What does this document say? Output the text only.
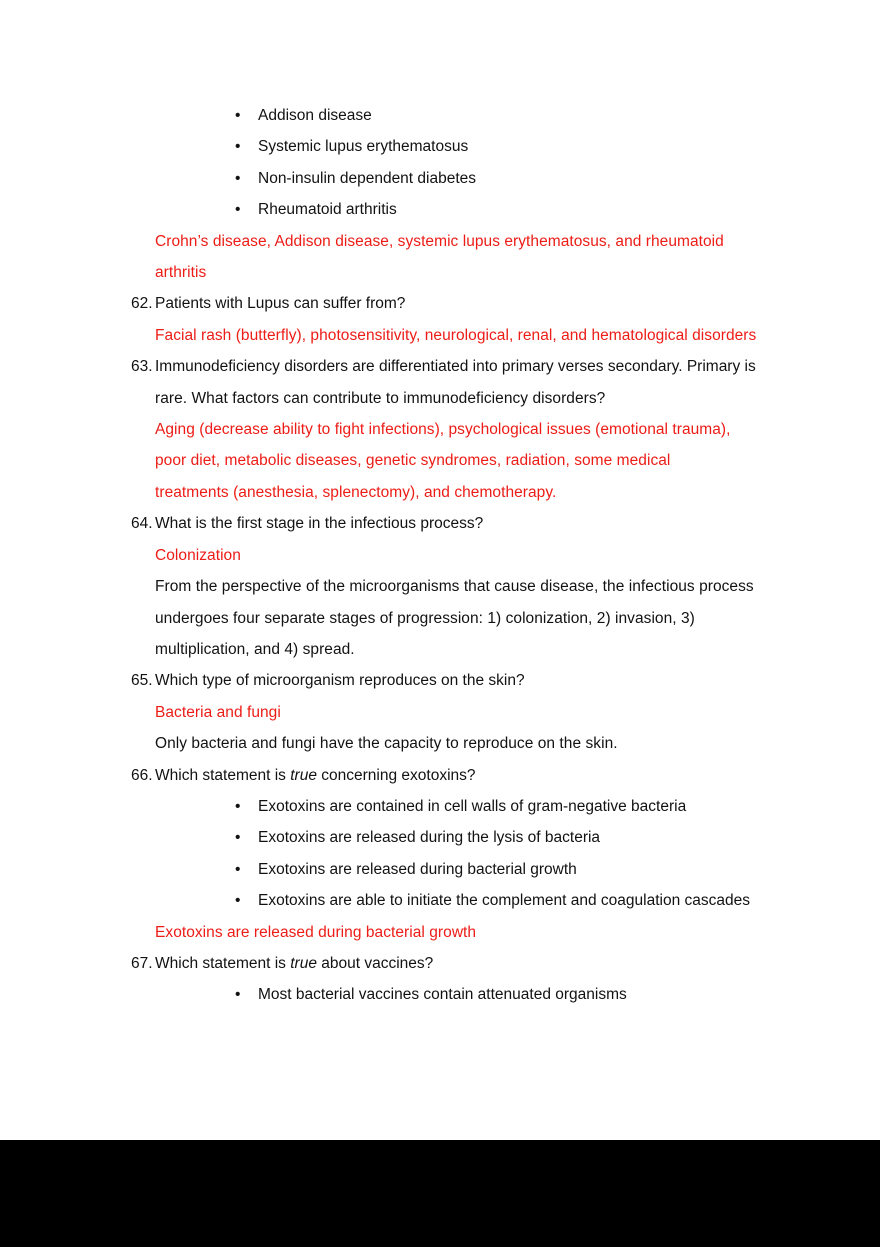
•	Addison disease
•	Systemic lupus erythematosus
•	Non-insulin dependent diabetes
•	Rheumatoid arthritis
Crohn’s disease, Addison disease, systemic lupus erythematosus, and rheumatoid
arthritis
62. Patients with Lupus can suffer from?
Facial rash (butterfly), photosensitivity, neurological, renal, and hematological disorders
63. Immunodeficiency disorders are differentiated into primary verses secondary. Primary is
rare. What factors can contribute to immunodeficiency disorders?
Aging (decrease ability to fight infections), psychological issues (emotional trauma),
poor diet, metabolic diseases, genetic syndromes, radiation, some medical
treatments (anesthesia, splenectomy), and chemotherapy.
64. What is the first stage in the infectious process?
Colonization
From the perspective of the microorganisms that cause disease, the infectious process
undergoes four separate stages of progression: 1) colonization, 2) invasion, 3)
multiplication, and 4) spread.
65. Which type of microorganism reproduces on the skin?
Bacteria and fungi
Only bacteria and fungi have the capacity to reproduce on the skin.
66. Which statement is true concerning exotoxins?
•	Exotoxins are contained in cell walls of gram-negative bacteria
•	Exotoxins are released during the lysis of bacteria
•	Exotoxins are released during bacterial growth
•	Exotoxins are able to initiate the complement and coagulation cascades
Exotoxins are released during bacterial growth
67. Which statement is true about vaccines?
•	Most bacterial vaccines contain attenuated organisms
